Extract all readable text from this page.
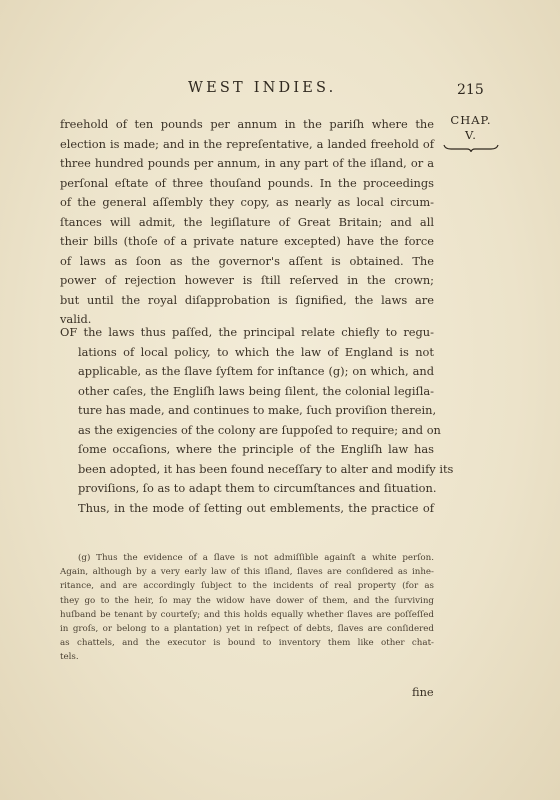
WEST INDIES.	215
CHAP.
V.
freehold of ten pounds per annum in the pariſh where the
election is made; and in the repreſentative, a landed freehold of
three hundred pounds per annum, in any part of the iſland, or a
perſonal eſtate of three thouſand pounds. In the proceedings
of the general aſſembly they copy, as nearly as local circum-
ſtances will admit, the legiſlature of Great Britain; and all
their bills (thoſe of a private nature excepted) have the force
of laws as ſoon as the governor's aſſent is obtained. The
power of rejection however is ſtill reſerved in the crown;
but until the royal diſapprobation is ſignified, the laws are
valid.
OF the laws thus paſſed, the principal relate chiefly to regu-
lations of local policy, to which the law of England is not
applicable, as the ſlave ſyſtem for inſtance (g); on which, and
other caſes, the Engliſh laws being ſilent, the colonial legiſla-
ture has made, and continues to make, ſuch proviſion therein,
as the exigencies of the colony are ſuppoſed to require; and on
ſome occaſions, where the principle of the Engliſh law has
been adopted, it has been found neceſſary to alter and modify its
proviſions, ſo as to adapt them to circumſtances and ſituation.
Thus, in the mode of ſetting out emblements, the practice of
(g) Thus the evidence of a ſlave is not admiſſible againſt a white perſon.
Again, although by a very early law of this iſland, ſlaves are conſidered as inhe-
ritance, and are accordingly ſubject to the incidents of real property (for as
they go to the heir, ſo may the widow have dower of them, and the ſurviving
huſband be tenant by courteſy; and this holds equally whether ſlaves are poſſeſſed
in groſs, or belong to a plantation) yet in reſpect of debts, ſlaves are conſidered
as chattels, and the executor is bound to inventory them like other chat-
tels.
fine
